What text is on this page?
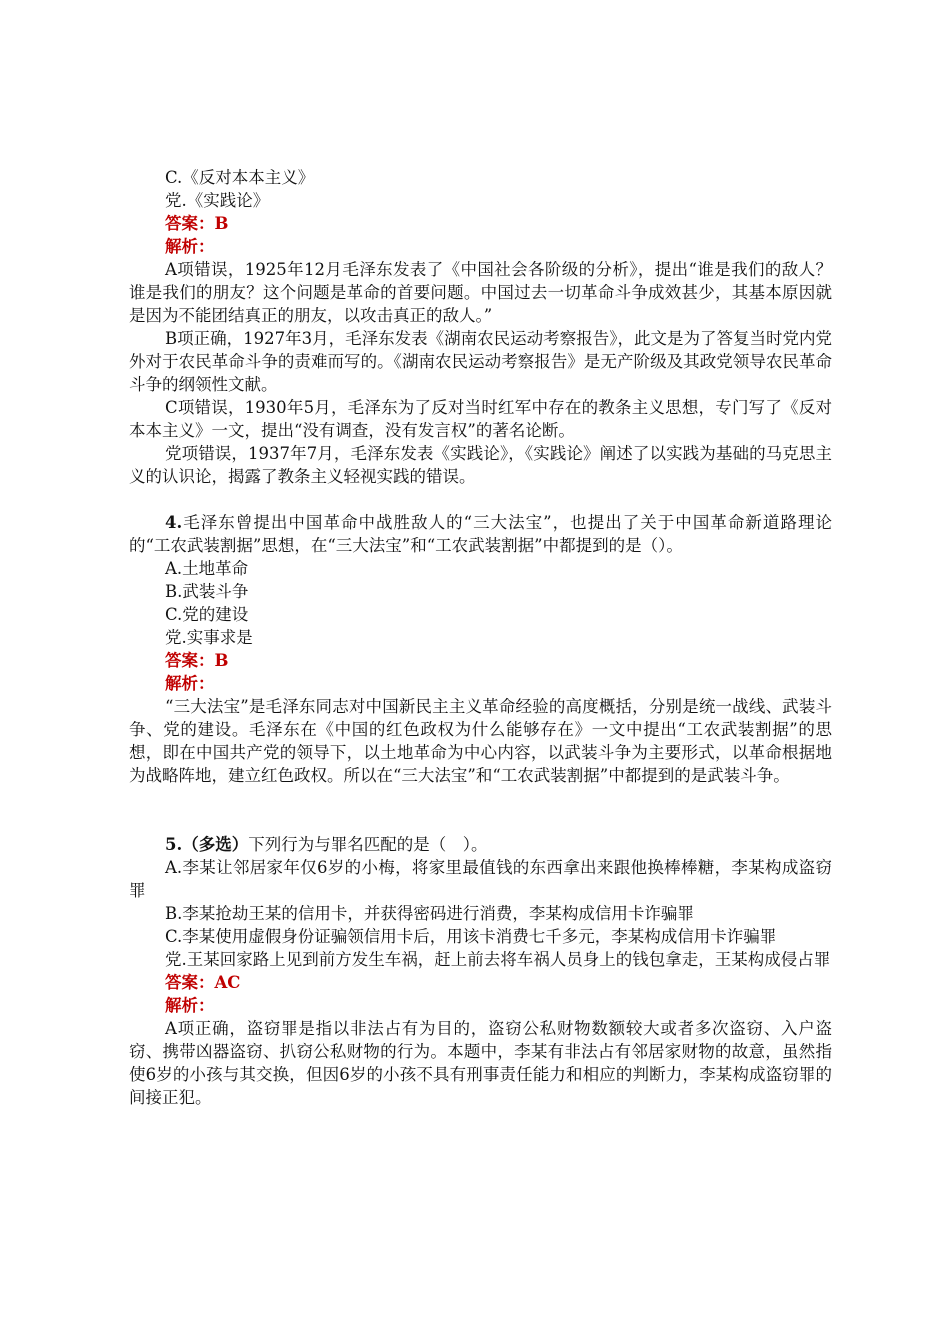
C.《反对本本主义》

党.《实践论》

答案：B

解析：

A项错误，1925年12月毛泽东发表了《中国社会各阶级的分析》，提出“谁是我们的敌人？谁是我们的朋友？这个问题是革命的首要问题。中国过去一切革命斗争成效甚少，其基本原因就是因为不能团结真正的朋友，以攻击真正的敌人。”

B项正确，1927年3月，毛泽东发表《湖南农民运动考察报告》，此文是为了答复当时党内党外对于农民革命斗争的责难而写的。《湖南农民运动考察报告》是无产阶级及其政党领导农民革命斗争的纲领性文献。

C项错误，1930年5月，毛泽东为了反对当时红军中存在的教条主义思想，专门写了《反对本本主义》一文，提出“没有调查，没有发言权”的著名论断。

党项错误，1937年7月，毛泽东发表《实践论》，《实践论》阐述了以实践为基础的马克思主义的认识论，揭露了教条主义轻视实践的错误。

4.毛泽东曾提出中国革命中战胜敌人的“三大法宝”，也提出了关于中国革命新道路理论的“工农武装割据”思想，在“三大法宝”和“工农武装割据”中都提到的是（）。

A.土地革命

B.武装斗争

C.党的建设

党.实事求是

答案：B

解析：

“三大法宝”是毛泽东同志对中国新民主主义革命经验的高度概括，分别是统一战线、武装斗争、党的建设。毛泽东在《中国的红色政权为什么能够存在》一文中提出“工农武装割据”的思想，即在中国共产党的领导下，以土地革命为中心内容，以武装斗争为主要形式，以革命根据地为战略阵地，建立红色政权。所以在“三大法宝”和“工农武装割据”中都提到的是武装斗争。

5.（多选）下列行为与罪名匹配的是（　）。

A.李某让邻居家年仅6岁的小梅，将家里最值钱的东西拿出来跟他换棒棒糖，李某构成盗窃罪

B.李某抢劫王某的信用卡，并获得密码进行消费，李某构成信用卡诈骗罪

C.李某使用虚假身份证骗领信用卡后，用该卡消费七千多元，李某构成信用卡诈骗罪

党.王某回家路上见到前方发生车祸，赶上前去将车祸人员身上的钱包拿走，王某构成侵占罪

答案：AC

解析：

A项正确，盗窃罪是指以非法占有为目的，盗窃公私财物数额较大或者多次盗窃、入户盗窃、携带凶器盗窃、扒窃公私财物的行为。本题中，李某有非法占有邻居家财物的故意，虽然指使6岁的小孩与其交换，但因6岁的小孩不具有刑事责任能力和相应的判断力，李某构成盗窃罪的间接正犯。
